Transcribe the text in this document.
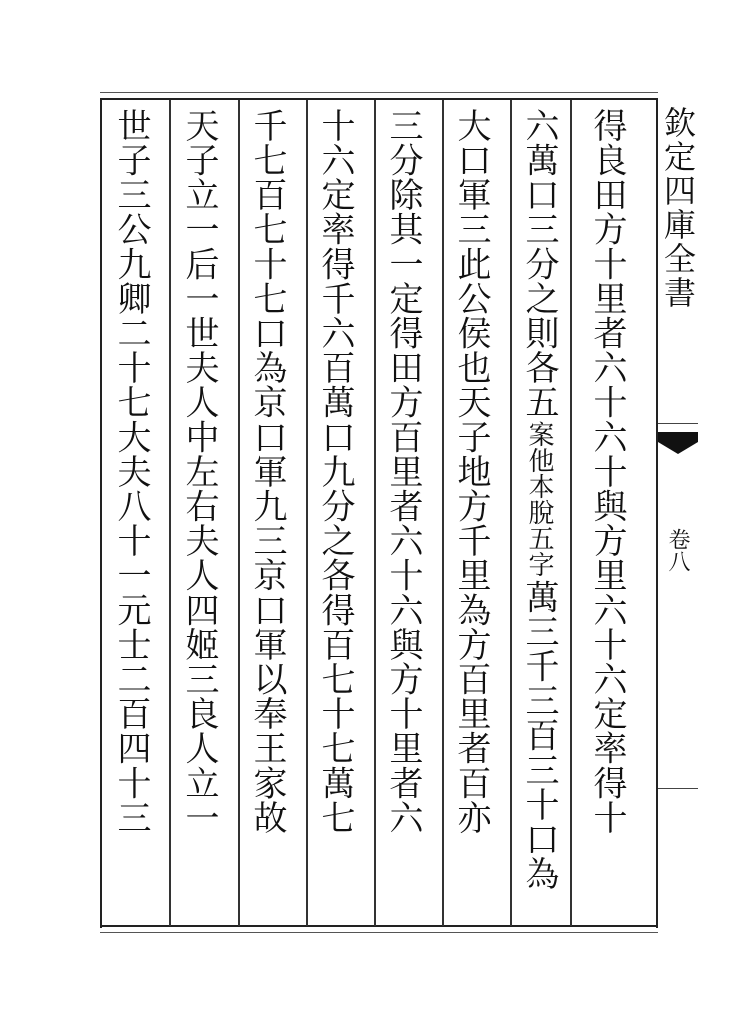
得良田方十里者六十六十與方里六十六定率得十
六萬口三分之則各五案他本脫五字萬三千三百三十口為
大口軍三此公侯也天子地方千里為方百里者百亦
三分除其一定得田方百里者六十六與方十里者六
十六定率得千六百萬口九分之各得百七十七萬七
千七百七十七口為京口軍九三京口軍以奉王家故
天子立一后一世夫人中左右夫人四姬三良人立一
世子三公九卿二十七大夫八十一元士二百四十三	欽定四庫全書
卷八
